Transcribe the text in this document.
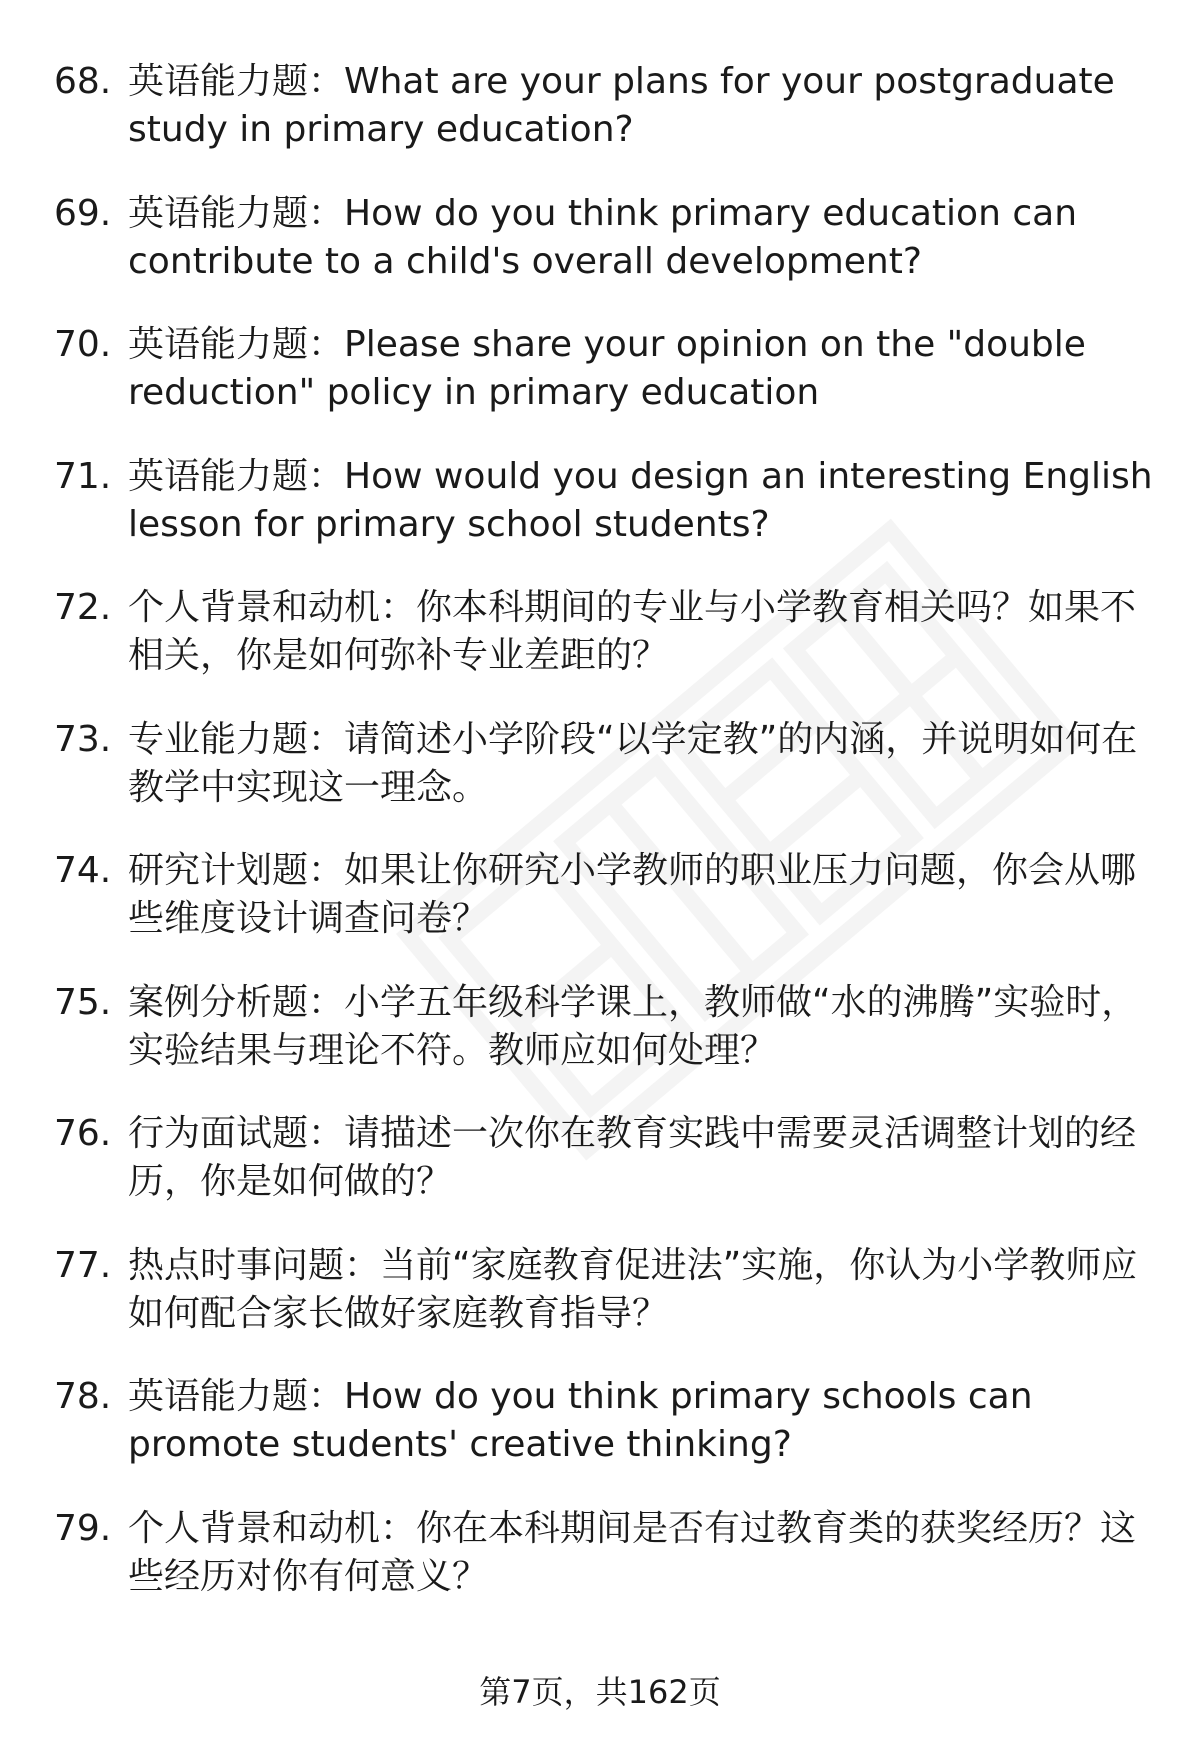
68. 英语能力题：What are your plans for your postgraduate study in primary education?
69. 英语能力题：How do you think primary education can contribute to a child's overall development?
70. 英语能力题：Please share your opinion on the "double reduction" policy in primary education
71. 英语能力题：How would you design an interesting English lesson for primary school students?
72. 个人背景和动机：你本科期间的专业与小学教育相关吗？如果不相关，你是如何弥补专业差距的？
73. 专业能力题：请简述小学阶段“以学定教”的内涵，并说明如何在教学中实现这一理念。
74. 研究计划题：如果让你研究小学教师的职业压力问题，你会从哪些维度设计调查问卷？
75. 案例分析题：小学五年级科学课上，教师做“水的沸腾”实验时，实验结果与理论不符。教师应如何处理？
76. 行为面试题：请描述一次你在教育实践中需要灵活调整计划的经历，你是如何做的？
77. 热点时事问题：当前“家庭教育促进法”实施，你认为小学教师应如何配合家长做好家庭教育指导？
78. 英语能力题：How do you think primary schools can promote students' creative thinking?
79. 个人背景和动机：你在本科期间是否有过教育类的获奖经历？这些经历对你有何意义？
第7页，共162页
